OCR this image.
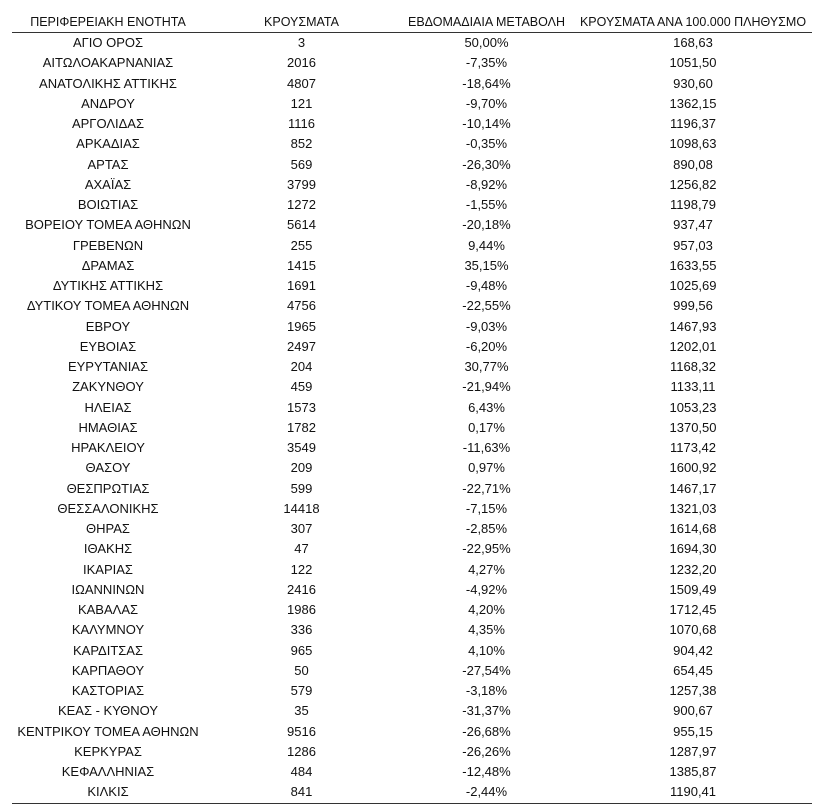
ΠΕΡΙΦΕΡΕΙΑΚΗ ΕΝΟΤΗΤΑ	ΚΡΟΥΣΜΑΤΑ	ΕΒΔΟΜΑΔΙΑΙΑ ΜΕΤΑΒΟΛΗ	ΚΡΟΥΣΜΑΤΑ ΑΝΑ 100.000 ΠΛΗΘΥΣΜΟ
ΑΓΙΟ ΟΡΟΣ	3	50,00%	168,63
ΑΙΤΩΛΟΑΚΑΡΝΑΝΙΑΣ	2016	-7,35%	1051,50
ΑΝΑΤΟΛΙΚΗΣ ΑΤΤΙΚΗΣ	4807	-18,64%	930,60
ΑΝΔΡΟΥ	121	-9,70%	1362,15
ΑΡΓΟΛΙΔΑΣ	1116	-10,14%	1196,37
ΑΡΚΑΔΙΑΣ	852	-0,35%	1098,63
ΑΡΤΑΣ	569	-26,30%	890,08
ΑΧΑΪΑΣ	3799	-8,92%	1256,82
ΒΟΙΩΤΙΑΣ	1272	-1,55%	1198,79
ΒΟΡΕΙΟΥ ΤΟΜΕΑ ΑΘΗΝΩΝ	5614	-20,18%	937,47
ΓΡΕΒΕΝΩΝ	255	9,44%	957,03
ΔΡΑΜΑΣ	1415	35,15%	1633,55
ΔΥΤΙΚΗΣ ΑΤΤΙΚΗΣ	1691	-9,48%	1025,69
ΔΥΤΙΚΟΥ ΤΟΜΕΑ ΑΘΗΝΩΝ	4756	-22,55%	999,56
ΕΒΡΟΥ	1965	-9,03%	1467,93
ΕΥΒΟΙΑΣ	2497	-6,20%	1202,01
ΕΥΡΥΤΑΝΙΑΣ	204	30,77%	1168,32
ΖΑΚΥΝΘΟΥ	459	-21,94%	1133,11
ΗΛΕΙΑΣ	1573	6,43%	1053,23
ΗΜΑΘΙΑΣ	1782	0,17%	1370,50
ΗΡΑΚΛΕΙΟΥ	3549	-11,63%	1173,42
ΘΑΣΟΥ	209	0,97%	1600,92
ΘΕΣΠΡΩΤΙΑΣ	599	-22,71%	1467,17
ΘΕΣΣΑΛΟΝΙΚΗΣ	14418	-7,15%	1321,03
ΘΗΡΑΣ	307	-2,85%	1614,68
ΙΘΑΚΗΣ	47	-22,95%	1694,30
ΙΚΑΡΙΑΣ	122	4,27%	1232,20
ΙΩΑΝΝΙΝΩΝ	2416	-4,92%	1509,49
ΚΑΒΑΛΑΣ	1986	4,20%	1712,45
ΚΑΛΥΜΝΟΥ	336	4,35%	1070,68
ΚΑΡΔΙΤΣΑΣ	965	4,10%	904,42
ΚΑΡΠΑΘΟΥ	50	-27,54%	654,45
ΚΑΣΤΟΡΙΑΣ	579	-3,18%	1257,38
ΚΕΑΣ - ΚΥΘΝΟΥ	35	-31,37%	900,67
ΚΕΝΤΡΙΚΟΥ ΤΟΜΕΑ ΑΘΗΝΩΝ	9516	-26,68%	955,15
ΚΕΡΚΥΡΑΣ	1286	-26,26%	1287,97
ΚΕΦΑΛΛΗΝΙΑΣ	484	-12,48%	1385,87
ΚΙΛΚΙΣ	841	-2,44%	1190,41
